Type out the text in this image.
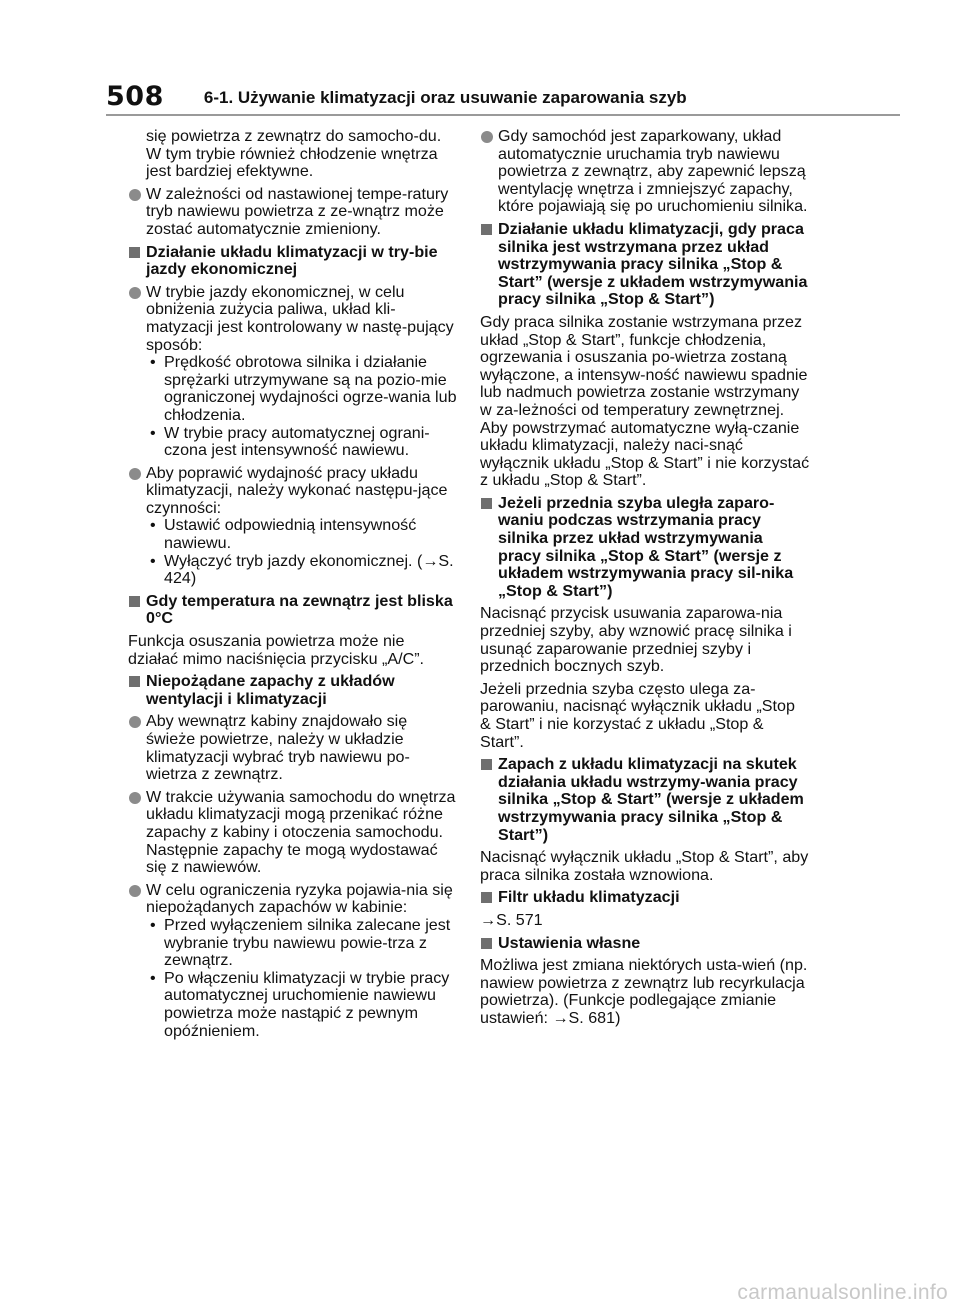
508 6-1. Używanie klimatyzacji oraz usuwanie zaparowania szyb
się powietrza z zewnątrz do samocho-du. W tym trybie również chłodzenie wnętrza jest bardziej efektywne.
W zależności od nastawionej tempe-ratury tryb nawiewu powietrza z ze-wnątrz może zostać automatycznie zmieniony.
Działanie układu klimatyzacji w try-bie jazdy ekonomicznej
W trybie jazdy ekonomicznej, w celu obniżenia zużycia paliwa, układ kli-matyzacji jest kontrolowany w nastę-pujący sposób:
• Prędkość obrotowa silnika i działanie sprężarki utrzymywane są na pozio-mie ograniczonej wydajności ogrze-wania lub chłodzenia.
• W trybie pracy automatycznej ograni-czona jest intensywność nawiewu.
Aby poprawić wydajność pracy układu klimatyzacji, należy wykonać następu-jące czynności:
• Ustawić odpowiednią intensywność nawiewu.
• Wyłączyć tryb jazdy ekonomicznej. (→S. 424)
Gdy temperatura na zewnątrz jest bliska 0°C
Funkcja osuszania powietrza może nie działać mimo naciśnięcia przycisku „A/C”.
Niepożądane zapachy z układów wentylacji i klimatyzacji
Aby wewnątrz kabiny znajdowało się świeże powietrze, należy w układzie klimatyzacji wybrać tryb nawiewu po-wietrza z zewnątrz.
W trakcie używania samochodu do wnętrza układu klimatyzacji mogą przenikać różne zapachy z kabiny i otoczenia samochodu. Następnie zapachy te mogą wydostawać się z nawiewów.
W celu ograniczenia ryzyka pojawia-nia się niepożądanych zapachów w kabinie:
• Przed wyłączeniem silnika zalecane jest wybranie trybu nawiewu powie-trza z zewnątrz.
• Po włączeniu klimatyzacji w trybie pracy automatycznej uruchomienie nawiewu powietrza może nastąpić z pewnym opóźnieniem.
Gdy samochód jest zaparkowany, układ automatycznie uruchamia tryb nawiewu powietrza z zewnątrz, aby zapewnić lepszą wentylację wnętrza i zmniejszyć zapachy, które pojawiają się po uruchomieniu silnika.
Działanie układu klimatyzacji, gdy praca silnika jest wstrzymana przez układ wstrzymywania pracy silnika „Stop & Start” (wersje z układem wstrzymywania pracy silnika „Stop & Start”)
Gdy praca silnika zostanie wstrzymana przez układ „Stop & Start”, funkcje chłodzenia, ogrzewania i osuszania po-wietrza zostaną wyłączone, a intensyw-ność nawiewu spadnie lub nadmuch powietrza zostanie wstrzymany w za-leżności od temperatury zewnętrznej. Aby powstrzymać automatyczne wyłą-czanie układu klimatyzacji, należy naci-snąć wyłącznik układu „Stop & Start” i nie korzystać z układu „Stop & Start”.
Jeżeli przednia szyba uległa zaparo-waniu podczas wstrzymania pracy silnika przez układ wstrzymywania pracy silnika „Stop & Start” (wersje z układem wstrzymywania pracy sil-nika „Stop & Start”)
Nacisnąć przycisk usuwania zaparowa-nia przedniej szyby, aby wznowić pracę silnika i usunąć zaparowanie przedniej szyby i przednich bocznych szyb.
Jeżeli przednia szyba często ulega za-parowaniu, nacisnąć wyłącznik układu „Stop & Start” i nie korzystać z układu „Stop & Start”.
Zapach z układu klimatyzacji na skutek działania układu wstrzymy-wania pracy silnika „Stop & Start” (wersje z układem wstrzymywania pracy silnika „Stop & Start”)
Nacisnąć wyłącznik układu „Stop & Start”, aby praca silnika została wznowiona.
Filtr układu klimatyzacji
→S. 571
Ustawienia własne
Możliwa jest zmiana niektórych usta-wień (np. nawiew powietrza z zewnątrz lub recyrkulacja powietrza). (Funkcje podlegające zmianie ustawień: →S. 681)
carmanualsonline.info
